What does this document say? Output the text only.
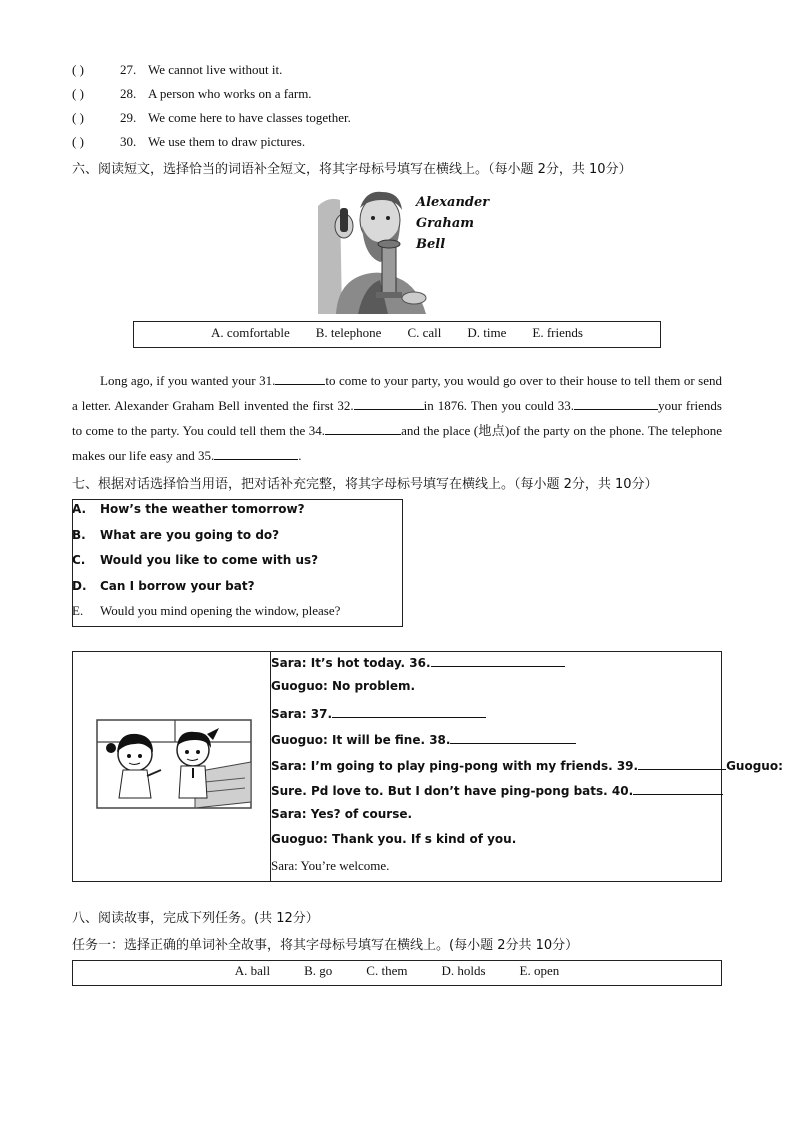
( )	27. We cannot live without it.
( )	28. A person who works on a farm.
( )	29. We come here to have classes together.
( )	30. We use them to draw pictures.
六、阅读短文，选择恰当的词语补全短文，将其字母标号填写在横线上。（每小题 2分，共 10分）
Alexander
Graham
Bell
A. comfortable B. telephone C. call D. time E. friends
Long ago, if you wanted your 31.	to come to your party, you would go over to their house to tell them or send a letter. Alexander Graham Bell invented the first 32.	in 1876. Then you could 33.	your friends to come to the party. You could tell them the 34.	and the place (地点)of the party on the phone. The telephone makes our life easy and 35.	.
七、根据对话选择恰当用语，把对话补充完整，将其字母标号填写在横线上。（每小题 2分，共 10分）
A. How’s the weather tomorrow?
B. What are you going to do?
C. Would you like to come with us?
D. Can I borrow your bat?
E. Would you mind opening the window, please?
Sara: It’s hot today. 36.
Guoguo: No problem.
Sara: 37.
Guoguo: It will be fine. 38.
Sara: I’m going to play ping-pong with my friends. 39.	Guoguo:
Sure. Pd love to. But I don’t have ping-pong bats. 40.
Sara: Yes? of course.
Guoguo: Thank you. If s kind of you.
Sara: You’re welcome.
八、阅读故事，完成下列任务。(共 12分）
任务一：选择正确的单词补全故事，将其字母标号填写在横线上。(每小题 2分共 10分）
A. ball	B. go	C. them	D. holds	E. open
